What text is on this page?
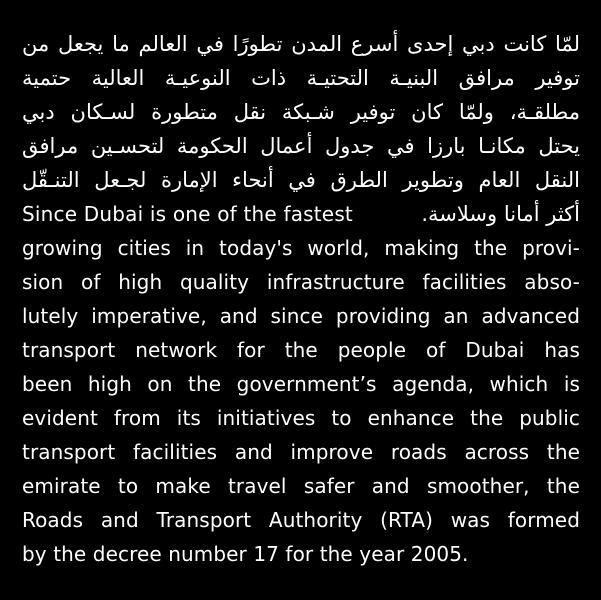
لمّا كانت دبي إحدى أسرع المدن تطورًا في العالم ما يجعل من
توفير مرافق البنيـة التحتيـة ذات النوعيـة العالية حتمية
مطلقـة، ولمّا كان توفير شـبكة نقل متطورة لسـكان دبي
يحتل مكانـا بارزا في جدول أعمال الحكومة لتحسـين مرافق
النقل العام وتطوير الطرق في أنحاء الإمارة لجـعل التنـقّل
Since Dubai is one of the fastest	أكثر أمانا وسلاسة.
growing cities in today's world, making the provi-
sion of high quality infrastructure facilities abso-
lutely imperative, and since providing an advanced
transport network for the people of Dubai has
been high on the government’s agenda, which is
evident from its initiatives to enhance the public
transport facilities and improve roads across the
emirate to make travel safer and smoother, the
Roads and Transport Authority (RTA) was formed
by the decree number 17 for the year 2005.
